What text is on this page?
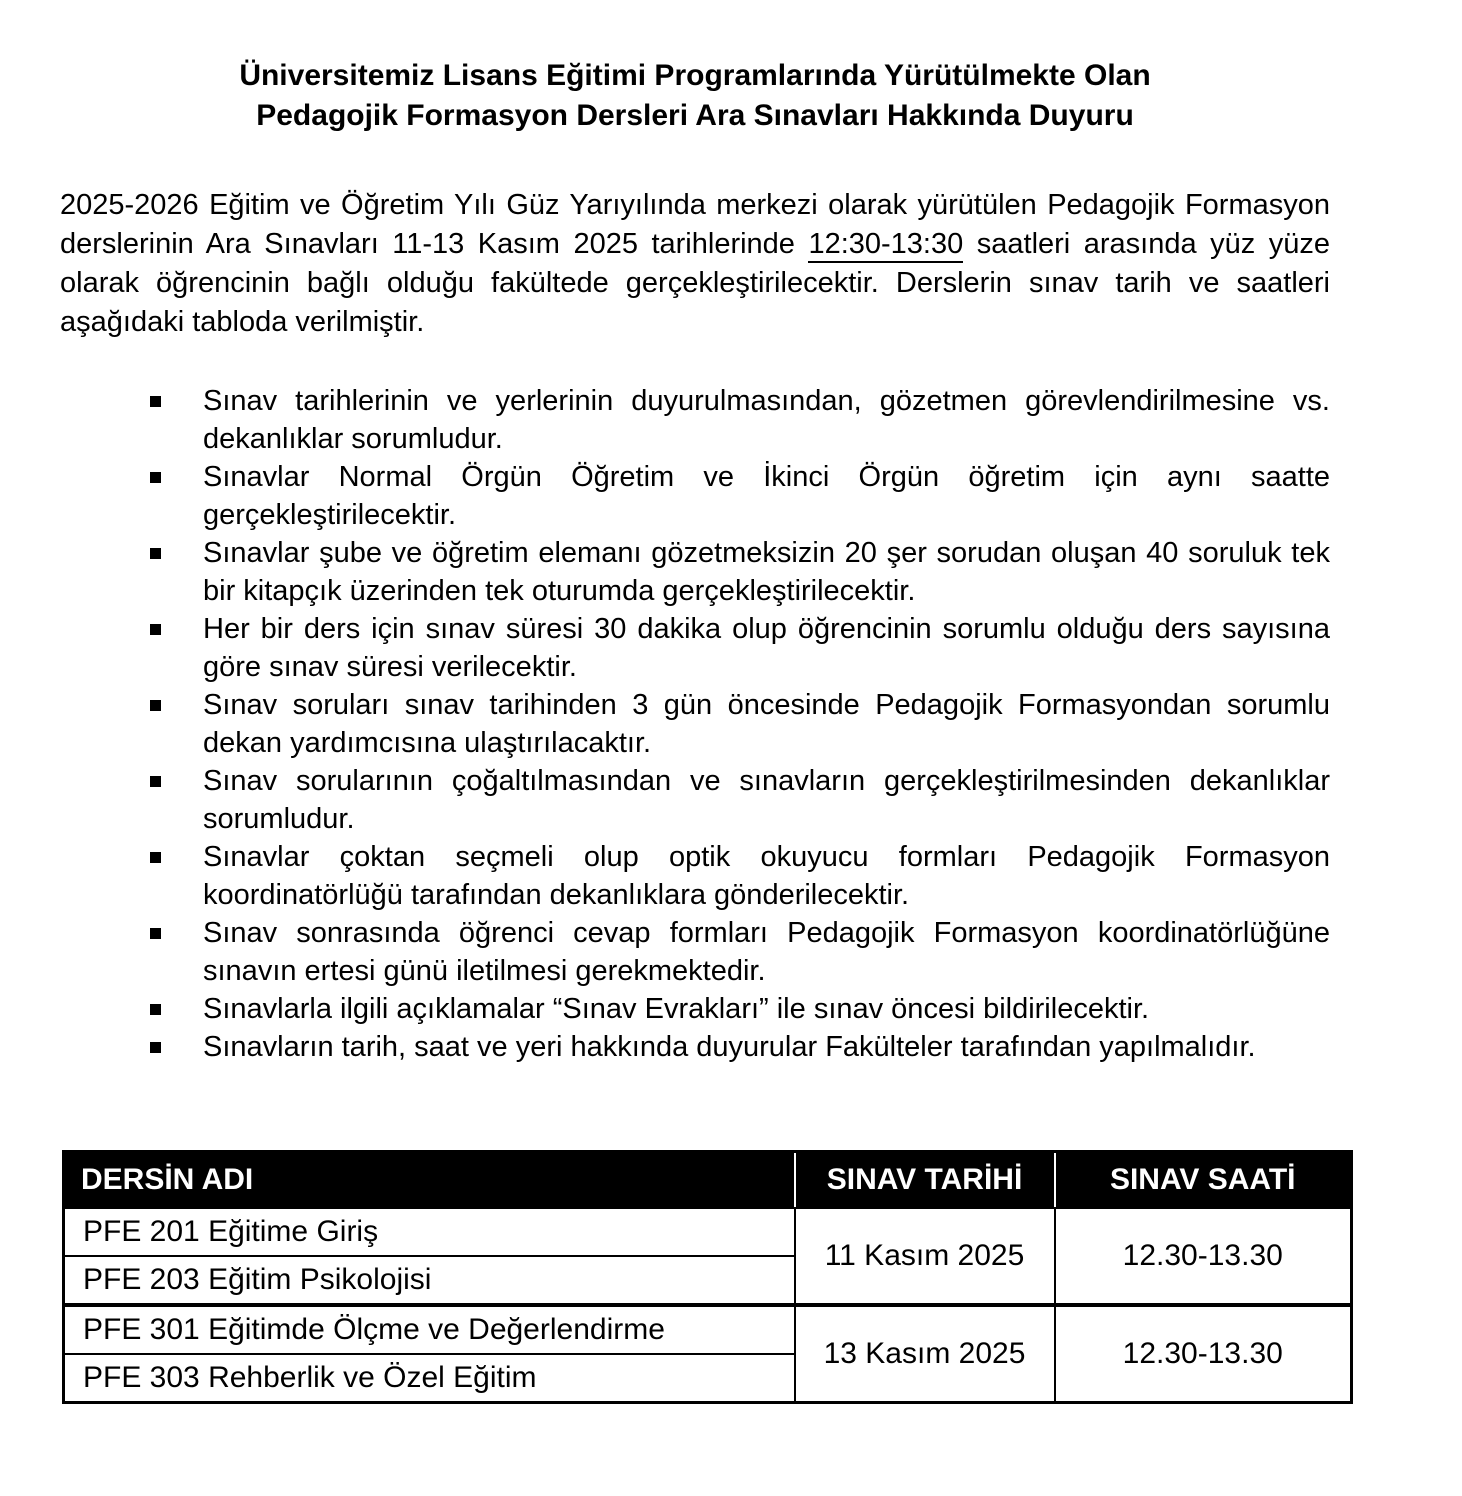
Üniversitemiz Lisans Eğitimi Programlarında Yürütülmekte Olan
Pedagojik Formasyon Dersleri Ara Sınavları Hakkında Duyuru

2025-2026 Eğitim ve Öğretim Yılı Güz Yarıyılında merkezi olarak yürütülen Pedagojik Formasyon derslerinin Ara Sınavları 11-13 Kasım 2025 tarihlerinde 12:30-13:30 saatleri arasında yüz yüze olarak öğrencinin bağlı olduğu fakültede gerçekleştirilecektir. Derslerin sınav tarih ve saatleri aşağıdaki tabloda verilmiştir.

Sınav tarihlerinin ve yerlerinin duyurulmasından, gözetmen görevlendirilmesine vs. dekanlıklar sorumludur.
Sınavlar Normal Örgün Öğretim ve İkinci Örgün öğretim için aynı saatte gerçekleştirilecektir.
Sınavlar şube ve öğretim elemanı gözetmeksizin 20 şer sorudan oluşan 40 soruluk tek bir kitapçık üzerinden tek oturumda gerçekleştirilecektir.
Her bir ders için sınav süresi 30 dakika olup öğrencinin sorumlu olduğu ders sayısına göre sınav süresi verilecektir.
Sınav soruları sınav tarihinden 3 gün öncesinde Pedagojik Formasyondan sorumlu dekan yardımcısına ulaştırılacaktır.
Sınav sorularının çoğaltılmasından ve sınavların gerçekleştirilmesinden dekanlıklar sorumludur.
Sınavlar çoktan seçmeli olup optik okuyucu formları Pedagojik Formasyon koordinatörlüğü tarafından dekanlıklara gönderilecektir.
Sınav sonrasında öğrenci cevap formları Pedagojik Formasyon koordinatörlüğüne sınavın ertesi günü iletilmesi gerekmektedir.
Sınavlarla ilgili açıklamalar “Sınav Evrakları” ile sınav öncesi bildirilecektir.
Sınavların tarih, saat ve yeri hakkında duyurular Fakülteler tarafından yapılmalıdır.
DERSİN ADI	SINAV TARİHİ	SINAV SAATİ
PFE 201 Eğitime Giriş	11 Kasım 2025	12.30-13.30
PFE 203 Eğitim Psikolojisi		
PFE 301 Eğitimde Ölçme ve Değerlendirme	13 Kasım 2025	12.30-13.30
PFE 303 Rehberlik ve Özel Eğitim		
